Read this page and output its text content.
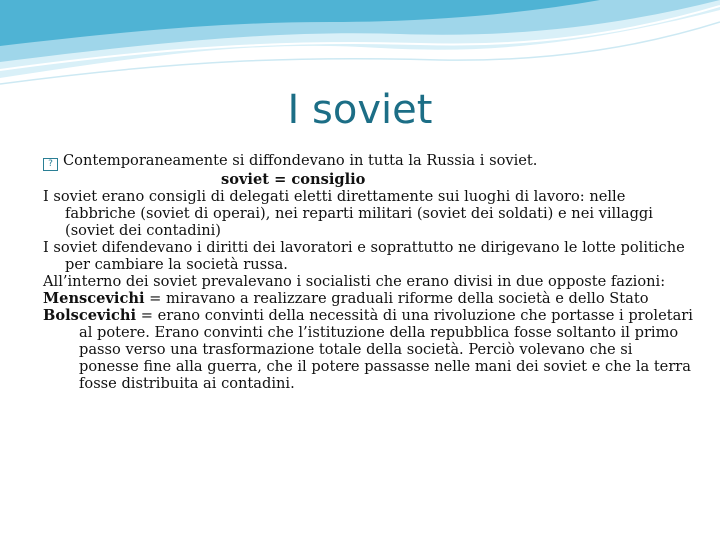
I soviet

? Contemporaneamente si diffondevano in tutta la Russia i soviet.

soviet = consiglio

I soviet erano consigli di delegati eletti direttamente sui luoghi di lavoro: nelle fabbriche (soviet di operai), nei reparti militari (soviet dei soldati) e nei villaggi (soviet dei contadini)

I soviet difendevano i diritti dei lavoratori e soprattutto ne dirigevano le lotte politiche per cambiare la società russa.

All’interno dei soviet prevalevano i socialisti che erano divisi in due opposte fazioni:

Menscevichi = miravano a realizzare graduali riforme della società e dello Stato

Bolscevichi = erano convinti della necessità di una rivoluzione che portasse i proletari al potere. Erano convinti che l’istituzione della repubblica fosse soltanto il primo passo verso una trasformazione totale della società. Perciò volevano che si ponesse fine alla guerra, che il potere passasse nelle mani dei soviet e che la terra fosse distribuita ai contadini.
